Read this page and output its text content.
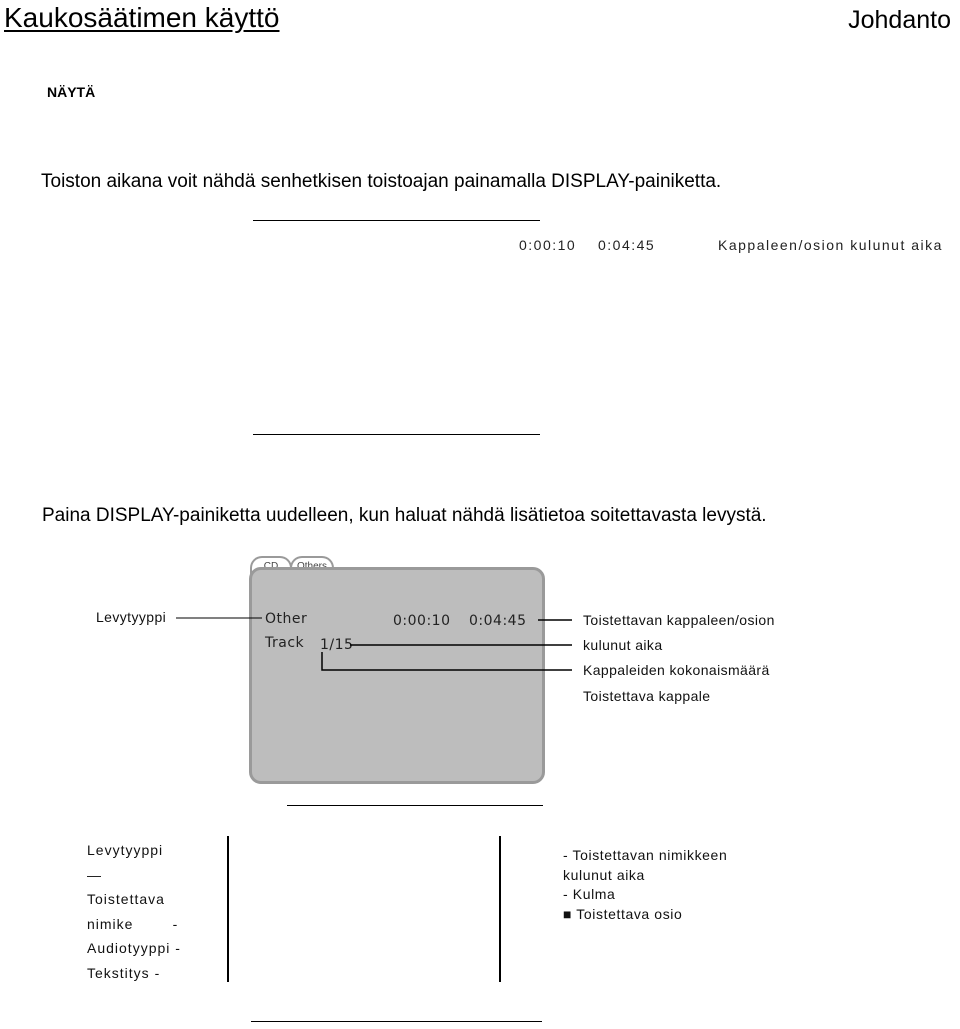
Kaukosäätimen käyttö	Johdanto
NÄYTÄ
Toiston aikana voit nähdä senhetkisen toistoajan painamalla DISPLAY-painiketta.
0:00:10 0:04:45	Kappaleen/osion kulunut aika
Paina DISPLAY-painiketta uudelleen, kun haluat nähdä lisätietoa soitettavasta levystä.
Other	0:00:10 0:04:45
Track 1/15
Levytyyppi	Toistettavan kappaleen/osion
kulunut aika
Kappaleiden kokonaismäärä
Toistettava kappale
Levytyyppi
—
Toistettava
nimike        -
Audiotyyppi -
Tekstitys -
- Toistettavan nimikkeen
kulunut aika
- Kulma
■ Toistettava osio
